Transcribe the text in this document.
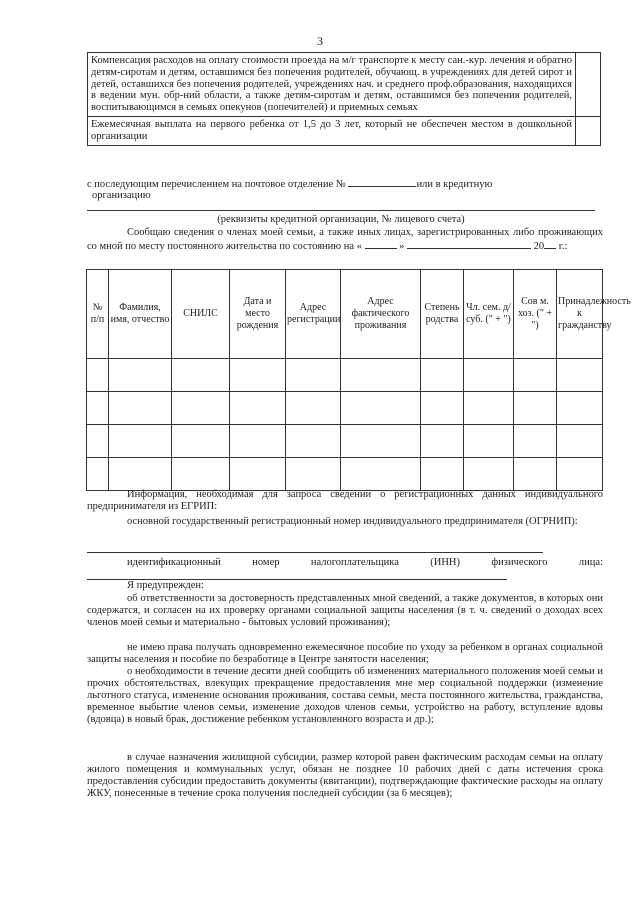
3
Компенсация расходов на оплату стоимости проезда на м/г транспорте к месту сан.-кур. лечения и обратно детям-сиротам и детям, оставшимся без попечения родителей, обучающ. в учреждениях для детей сирот и детей, оставшихся без попечения родителей, учреждениях нач. и среднего проф.образования, находящихся в ведении мун. обр-ний области, а также детям-сиротам и детям, оставшимся без попечения родителей, воспитывающимся в семьях опекунов (попечителей) и приемных семьях	
Ежемесячная выплата на первого ребенка от 1,5 до 3 лет, который не обеспечен местом в дошкольной организации	
с последующим перечислением на почтовое отделение №	или в кредитную
организацию
(реквизиты кредитной организации, № лицевого счета)
Сообщаю сведения о членах моей семьи, а также иных лицах, зарегистрированных либо проживающих со мной по месту постоянного жительства по состоянию на «	»	20 г.:
№ п/п	Фамилия, имя, отчество	СНИЛС	Дата и место рождения	Адрес регистрации	Адрес фактического проживания	Степень родства	Чл. сем. д/суб. (" + ")	Сов м. хоз. (" + ")	Принадлежность к гражданству

Информация, необходимая для запроса сведений о регистрационных данных индивидуального предпринимателя из ЕГРИП:
основной государственный регистрационный номер индивидуального предпринимателя (ОГРНИП):
идентификационный номер налогоплательщика (ИНН) физического лица:
Я предупрежден:
об ответственности за достоверность представленных мной сведений, а также документов, в которых они содержатся, и согласен на их проверку органами социальной защиты населения (в т. ч. сведений о доходах всех членов моей семьи и материально - бытовых условий проживания);
не имею права получать одновременно ежемесячное пособие по уходу за ребенком в органах социальной защиты населения и пособие по безработице в Центре занятости населения;
о необходимости в течение десяти дней сообщить об изменениях материального положения моей семьи и прочих обстоятельствах, влекущих прекращение предоставления мне мер социальной поддержки (изменение льготного статуса, изменение основания проживания, состава семьи, места постоянного жительства, гражданства, временное выбытие членов семьи, изменение доходов членов семьи, устройство на работу, вступление вдовы (вдовца) в новый брак, достижение ребенком установленного возраста и др.);
в случае назначения жилищной субсидии, размер которой равен фактическим расходам семьи на оплату жилого помещения и коммунальных услуг, обязан не позднее 10 рабочих дней с даты истечения срока предоставления субсидии предоставить документы (квитанции), подтверждающие фактические расходы на оплату ЖКУ, понесенные в течение срока получения последней субсидии (за 6 месяцев);
